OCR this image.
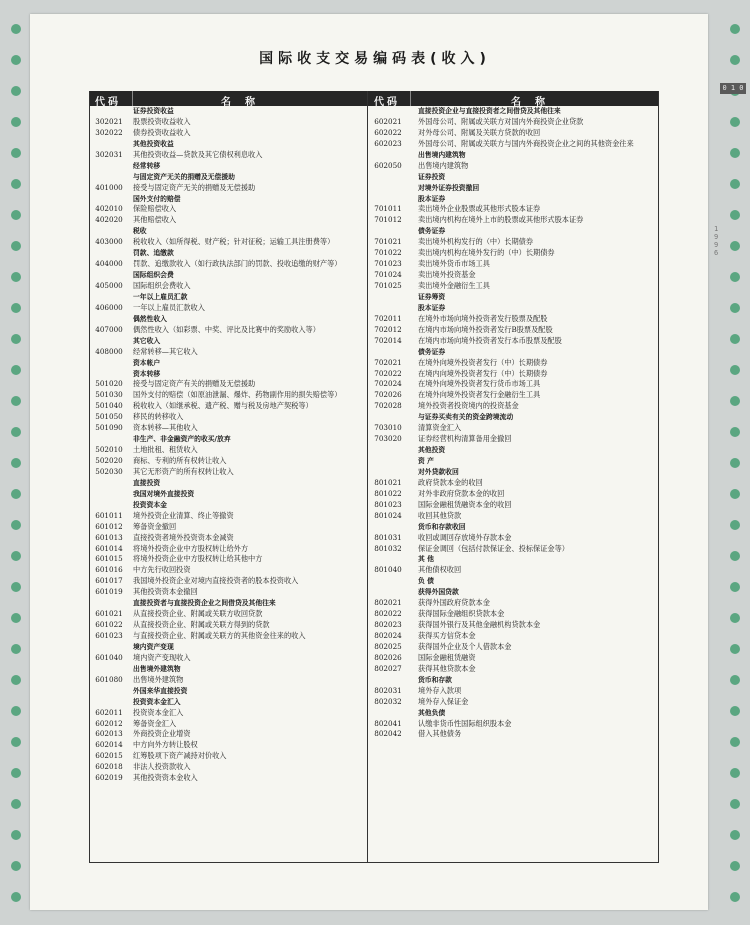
国际收支交易编码表(收入)
0 1 0
1 9 9 6
代码	名称
证券投资收益
302021	股票投资收益收入
302022	债券投资收益收入
其他投资收益
302031	其他投资收益—贷款及其它债权利息收入
经常转移
与固定资产无关的捐赠及无偿援助
401000	接受与固定资产无关的捐赠及无偿援助
国外支付的赔偿
402010	保险赔偿收入
402020	其他赔偿收入
税收
403000	税收收入（如所得税、财产税；针对征税；运输工具注册费等）
罚款、追缴款
404000	罚款、追缴款收入（如行政执法部门的罚款、投收追缴的财产等）
国际组织会费
405000	国际组织会费收入
一年以上雇员汇款
406000	一年以上雇员汇款收入
偶然性收入
407000	偶然性收入（如彩票、中奖、评比及比赛中的奖励收入等）
其它收入
408000	经常转移—其它收入
资本帐户
资本转移
501020	接受与固定资产有关的捐赠及无偿援助
501030	国外支付的赔偿（如原油泄漏、爆炸、药物副作用的损失赔偿等）
501040	税收收入（如继承税、遗产税、赠与税及房地产契税等）
501050	移民的转移收入
501090	资本转移—其他收入
非生产、非金融资产的收买/放弃
502010	土地批租、租赁收入
502020	商标、专利的所有权转让收入
502030	其它无形资产的所有权转让收入
直接投资
我国对境外直接投资
投资资本金
601011	境外投资企业清算、终止等撤资
601012	筹备资金撤回
601013	直接投资者境外投资资本金减资
601014	将境外投资企业中方股权转让给外方
601015	将境外投资企业中方股权转让给其他中方
601016	中方先行收回投资
601017	我国境外投资企业对境内直接投资者的股本投资收入
601019	其他投资资本金撤回
直接投资者与直接投资企业之间借贷及其他往来
601021	从直接投资企业、附属或关联方收回贷款
601022	从直接投资企业、附属或关联方得到的贷款
601023	与直接投资企业、附属或关联方的其他资金往来的收入
境内资产变现
601040	境内资产变现收入
出售境外建筑物
601080	出售境外建筑物
外国来华直接投资
投资资本金汇入
602011	投资资本金汇入
602012	筹备资金汇入
602013	外商投资企业增资
602014	中方向外方转让股权
602015	红筹股项下资产减持对价收入
602018	非法人投资款收入
602019	其他投资资本金收入
代码	名称
直接投资企业与直接投资者之间借贷及其他往来
602021	外国母公司、附属或关联方对国内外商投资企业贷款
602022	对外母公司、附属及关联方贷款的收回
602023	外国母公司、附属或关联方与国内外商投资企业之间的其他资金往来
出售境内建筑物
602050	出售境内建筑物
证券投资
对境外证券投资撤回
股本证券
701011	卖出境外企业股票或其他形式股本证券
701012	卖出境内机构在境外上市的股票或其他形式股本证券
债务证券
701021	卖出境外机构发行的（中）长期债券
701022	卖出境内机构在境外发行的（中）长期债券
701023	卖出境外货币市场工具
701024	卖出境外投资基金
701025	卖出境外金融衍生工具
证券筹资
股本证券
702011	在境外市场向境外投资者发行股票及配股
702012	在境内市场向境外投资者发行B股票及配股
702014	在境内市场向境外投资者发行本币股票及配股
债务证券
702021	在境外向境外投资者发行（中）长期债券
702022	在境内向境外投资者发行（中）长期债券
702024	在境外向境外投资者发行货币市场工具
702026	在境外向境外投资者发行金融衍生工具
702028	境外投资者投资境内的投资基金
与证券买卖有关的资金跨境流动
703010	清算资金汇入
703020	证券经营机构清算备用金撤回
其他投资
资 产
对外贷款收回
801021	政府贷款本金的收回
801022	对外非政府贷款本金的收回
801023	国际金融租赁融资本金的收回
801024	收回其他贷款
货币和存款收回
801031	收回或调回存放境外存款本金
801032	保证金调回（包括付款保证金、投标保证金等）
其 他
801040	其他债权收回
负 债
获得外国贷款
802021	获得外国政府贷款本金
802022	获得国际金融组织贷款本金
802023	获得国外银行及其他金融机构贷款本金
802024	获得买方信贷本金
802025	获得国外企业及个人借款本金
802026	国际金融租赁融资
802027	获得其他贷款本金
货币和存款
802031	境外存入款项
802032	境外存入保证金
其他负债
802041	认缴非货币性国际组织股本金
802042	借入其他债务
